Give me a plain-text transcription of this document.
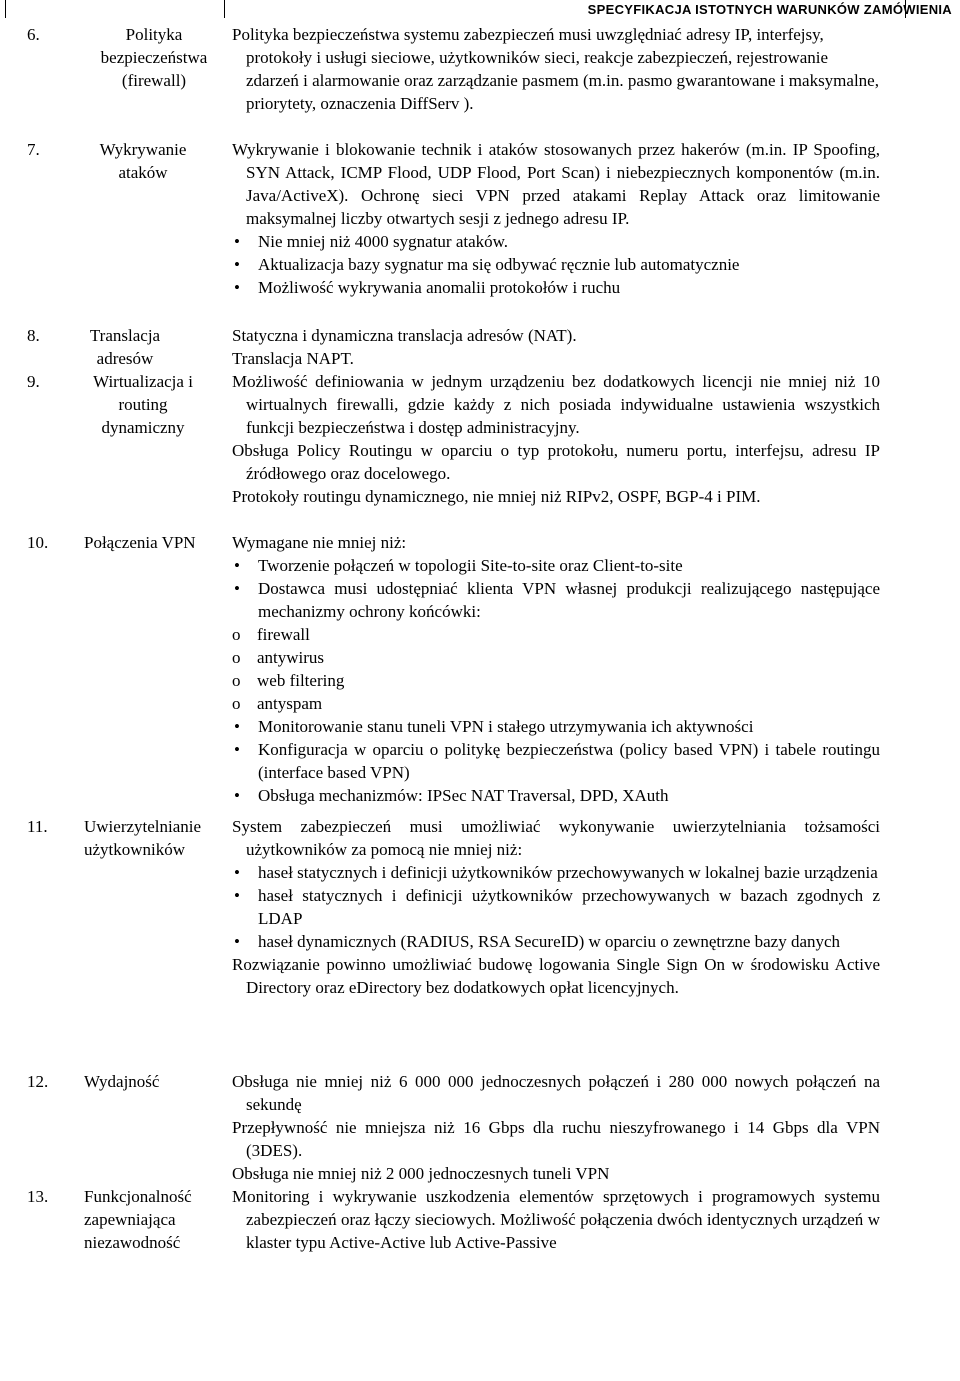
SPECYFIKACJA ISTOTNYCH WARUNKÓW ZAMÓWIENIA
6.	Polityka bezpieczeństwa (firewall)

Polityka bezpieczeństwa systemu zabezpieczeń musi uwzględniać adresy IP, interfejsy, protokoły i usługi sieciowe, użytkowników sieci, reakcje zabezpieczeń, rejestrowanie zdarzeń i alarmowanie oraz zarządzanie pasmem (m.in. pasmo gwarantowane i maksymalne, priorytety, oznaczenia DiffServ ).

7.	Wykrywanie ataków

Wykrywanie i blokowanie technik i ataków stosowanych przez hakerów (m.in. IP Spoofing, SYN Attack, ICMP Flood, UDP Flood, Port Scan) i niebezpiecznych komponentów (m.in. Java/ActiveX). Ochronę sieci VPN przed atakami Replay Attack oraz limitowanie maksymalnej liczby otwartych sesji z jednego adresu IP.

• Nie mniej niż 4000 sygnatur ataków.
• Aktualizacja bazy sygnatur ma się odbywać ręcznie lub automatycznie
• Możliwość wykrywania anomalii protokołów i ruchu
8.	Translacja adresów

Statyczna i dynamiczna translacja adresów (NAT).

Translacja NAPT.

9.	Wirtualizacja i routing dynamiczny

Możliwość definiowania w jednym urządzeniu bez dodatkowych licencji nie mniej niż 10 wirtualnych firewalli, gdzie każdy z nich posiada indywidualne ustawienia wszystkich funkcji bezpieczeństwa i dostęp administracyjny.

Obsługa Policy Routingu w oparciu o typ protokołu, numeru portu, interfejsu, adresu IP źródłowego oraz docelowego.

Protokoły routingu dynamicznego, nie mniej niż RIPv2, OSPF, BGP-4 i PIM.

10. Połączenia VPN	Wymagane nie mniej niż:

• Tworzenie połączeń w topologii Site-to-site oraz Client-to-site
• Dostawca musi udostępniać klienta VPN własnej produkcji realizującego następujące mechanizmy ochrony końcówki:
o firewall
o antywirus
o web filtering
o antyspam
• Monitorowanie stanu tuneli VPN i stałego utrzymywania ich aktywności
• Konfiguracja w oparciu o politykę bezpieczeństwa (policy based VPN) i tabele routingu (interface based VPN)
• Obsługa mechanizmów: IPSec NAT Traversal, DPD, XAuth
11. Uwierzytelnianie użytkowników

System zabezpieczeń musi umożliwiać wykonywanie uwierzytelniania tożsamości użytkowników za pomocą nie mniej niż:

• haseł statycznych i definicji użytkowników przechowywanych w lokalnej bazie urządzenia
• haseł statycznych i definicji użytkowników przechowywanych w bazach zgodnych z LDAP
• haseł dynamicznych (RADIUS, RSA SecureID) w oparciu o zewnętrzne bazy danych

Rozwiązanie powinno umożliwiać budowę logowania Single Sign On w środowisku Active Directory oraz eDirectory bez dodatkowych opłat licencyjnych.

12. Wydajność	Obsługa nie mniej niż 6 000 000 jednoczesnych połączeń i 280 000 nowych połączeń na sekundę

Przepływność nie mniejsza niż 16 Gbps dla ruchu nieszyfrowanego i 14 Gbps dla VPN (3DES).

Obsługa nie mniej niż 2 000 jednoczesnych tuneli VPN

13. Funkcjonalność zapewniająca niezawodność

Monitoring i wykrywanie uszkodzenia elementów sprzętowych i programowych systemu zabezpieczeń oraz łączy sieciowych. Możliwość połączenia dwóch identycznych urządzeń w klaster typu Active-Active lub Active-Passive
